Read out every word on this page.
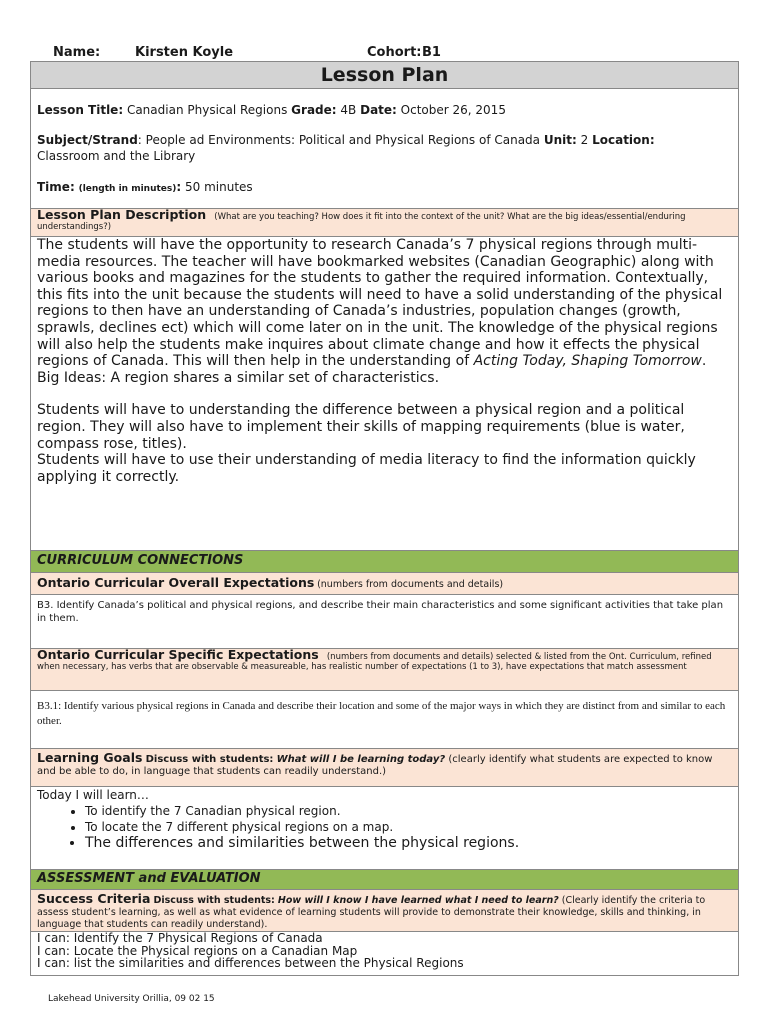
Name:	Kirsten Koyle	Cohort: B1
Lesson Plan

Lesson Title: Canadian Physical Regions Grade: 4B Date: October 26, 2015

Subject/Strand: People ad Environments: Political and Physical Regions of Canada Unit: 2 Location:
Classroom and the Library

Time: (length in minutes): 50 minutes

Lesson Plan Description (What are you teaching? How does it fit into the context of the unit? What are the big ideas/essential/enduring understandings?)
The students will have the opportunity to research Canada’s 7 physical regions through multi-media resources. The teacher will have bookmarked websites (Canadian Geographic) along with various books and magazines for the students to gather the required information. Contextually, this fits into the unit because the students will need to have a solid understanding of the physical regions to then have an understanding of Canada’s industries, population changes (growth, sprawls, declines ect) which will come later on in the unit. The knowledge of the physical regions will also help the students make inquires about climate change and how it effects the physical regions of Canada. This will then help in the understanding of Acting Today, Shaping Tomorrow.
Big Ideas: A region shares a similar set of characteristics.
Students will have to understanding the difference between a physical region and a political region. They will also have to implement their skills of mapping requirements (blue is water, compass rose, titles).
Students will have to use their understanding of media literacy to find the information quickly applying it correctly.
CURRICULUM CONNECTIONS
Ontario Curricular Overall Expectations (numbers from documents and details)
B3. Identify Canada’s political and physical regions, and describe their main characteristics and some significant activities that take plan in them.
Ontario Curricular Specific Expectations (numbers from documents and details) selected & listed from the Ont. Curriculum, refined when necessary, has verbs that are observable & measureable, has realistic number of expectations (1 to 3), have expectations that match assessment
B3.1: Identify various physical regions in Canada and describe their location and some of the major ways in which they are distinct from and similar to each other.
Learning Goals Discuss with students: What will I be learning today? (clearly identify what students are expected to know and be able to do, in language that students can readily understand.)
Today I will learn…
• To identify the 7 Canadian physical region.
• To locate the 7 different physical regions on a map.
• The differences and similarities between the physical regions.
ASSESSMENT and EVALUATION
Success Criteria Discuss with students: How will I know I have learned what I need to learn? (Clearly identify the criteria to assess student’s learning, as well as what evidence of learning students will provide to demonstrate their knowledge, skills and thinking, in language that students can readily understand).
I can: Identify the 7 Physical Regions of Canada
I can: Locate the Physical regions on a Canadian Map
I can: list the similarities and differences between the Physical Regions
Lakehead University Orillia, 09 02 15
